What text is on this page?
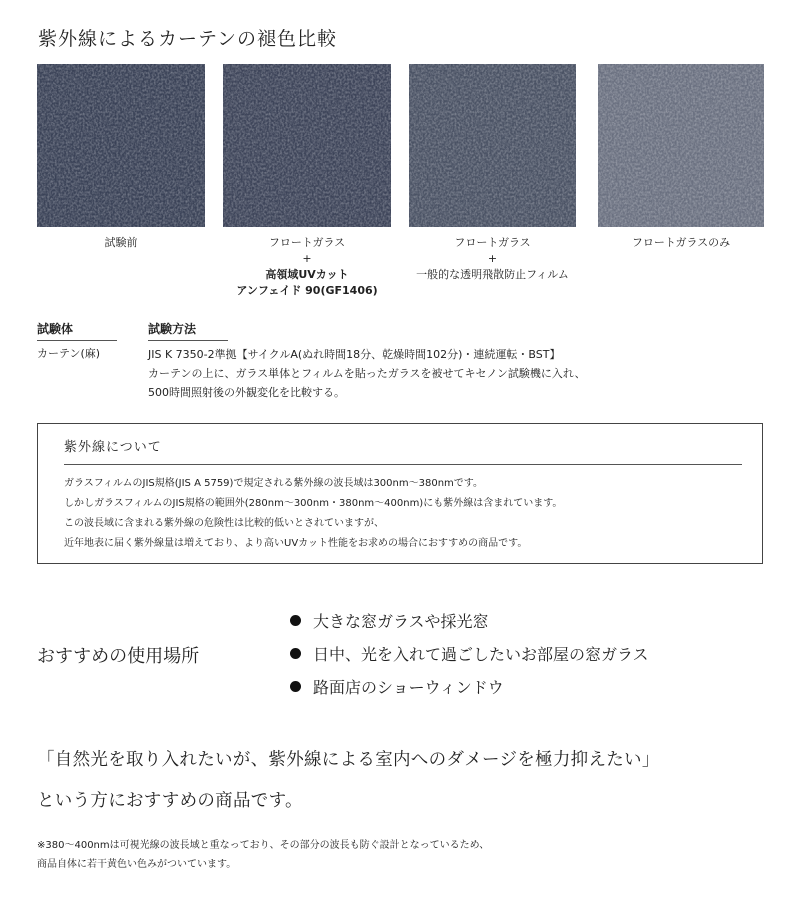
紫外線によるカーテンの褪色比較
試験前	フロートガラス
+
高領域UVカット
アンフェイド 90(GF1406)
フロートガラス
+
一般的な透明飛散防止フィルム
フロートガラスのみ
試験体	試験方法
カーテン(麻)	JIS K 7350-2準拠【サイクルA(ぬれ時間18分、乾燥時間102分)・連続運転・BST】
カーテンの上に、ガラス単体とフィルムを貼ったガラスを被せてキセノン試験機に入れ、
500時間照射後の外観変化を比較する。
紫外線について
ガラスフィルムのJIS規格(JIS A 5759)で規定される紫外線の波長域は300nm〜380nmです。
しかしガラスフィルムのJIS規格の範囲外(280nm〜300nm・380nm〜400nm)にも紫外線は含まれています。
この波長域に含まれる紫外線の危険性は比較的低いとされていますが、
近年地表に届く紫外線量は増えており、より高いUVカット性能をお求めの場合におすすめの商品です。
おすすめの使用場所
大きな窓ガラスや採光窓
日中、光を入れて過ごしたいお部屋の窓ガラス
路面店のショーウィンドウ
「自然光を取り入れたいが、紫外線による室内へのダメージを極力抑えたい」
という方におすすめの商品です。
※380〜400nmは可視光線の波長域と重なっており、その部分の波長も防ぐ設計となっているため、
商品自体に若干黄色い色みがついています。
